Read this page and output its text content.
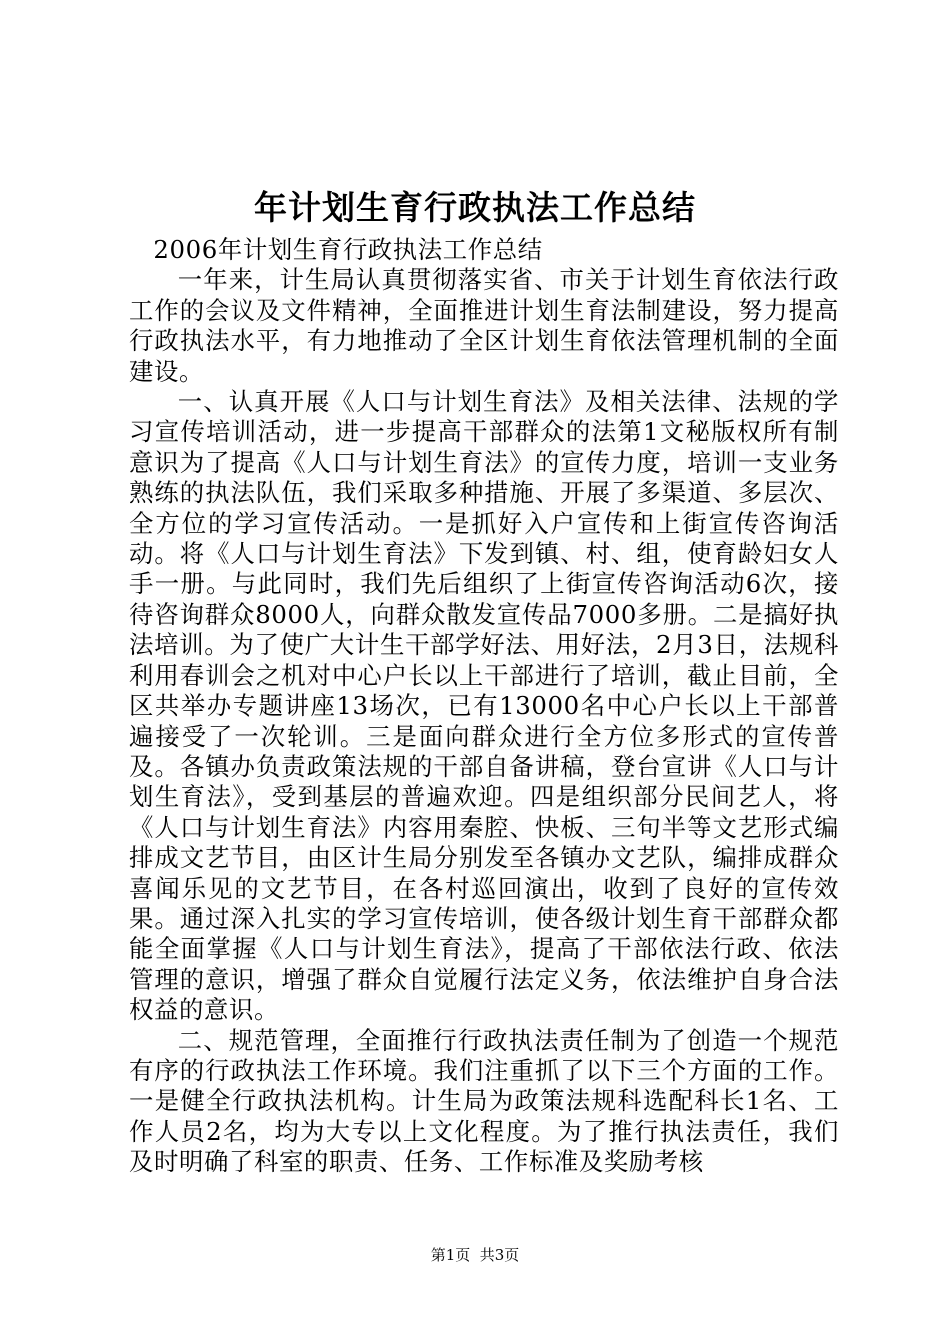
年计划生育行政执法工作总结

2006年计划生育行政执法工作总结

一年来，计生局认真贯彻落实省、市关于计划生育依法行政工作的会议及文件精神，全面推进计划生育法制建设，努力提高行政执法水平，有力地推动了全区计划生育依法管理机制的全面建设。

一、认真开展《人口与计划生育法》及相关法律、法规的学习宣传培训活动，进一步提高干部群众的法第1文秘版权所有制意识为了提高《人口与计划生育法》的宣传力度，培训一支业务熟练的执法队伍，我们采取多种措施、开展了多渠道、多层次、全方位的学习宣传活动。一是抓好入户宣传和上街宣传咨询活动。将《人口与计划生育法》下发到镇、村、组，使育龄妇女人手一册。与此同时，我们先后组织了上街宣传咨询活动6次，接待咨询群众8000人，向群众散发宣传品7000多册。二是搞好执法培训。为了使广大计生干部学好法、用好法，2月3日，法规科利用春训会之机对中心户长以上干部进行了培训，截止目前，全区共举办专题讲座13场次，已有13000名中心户长以上干部普遍接受了一次轮训。三是面向群众进行全方位多形式的宣传普及。各镇办负责政策法规的干部自备讲稿，登台宣讲《人口与计划生育法》，受到基层的普遍欢迎。四是组织部分民间艺人，将《人口与计划生育法》内容用秦腔、快板、三句半等文艺形式编排成文艺节目，由区计生局分别发至各镇办文艺队，编排成群众喜闻乐见的文艺节目，在各村巡回演出，收到了良好的宣传效果。通过深入扎实的学习宣传培训，使各级计划生育干部群众都能全面掌握《人口与计划生育法》，提高了干部依法行政、依法管理的意识，增强了群众自觉履行法定义务，依法维护自身合法权益的意识。

二、规范管理，全面推行行政执法责任制为了创造一个规范有序的行政执法工作环境。我们注重抓了以下三个方面的工作。一是健全行政执法机构。计生局为政策法规科选配科长1名、工作人员2名，均为大专以上文化程度。为了推行执法责任，我们及时明确了科室的职责、任务、工作标准及奖励考核

第1页  共3页
